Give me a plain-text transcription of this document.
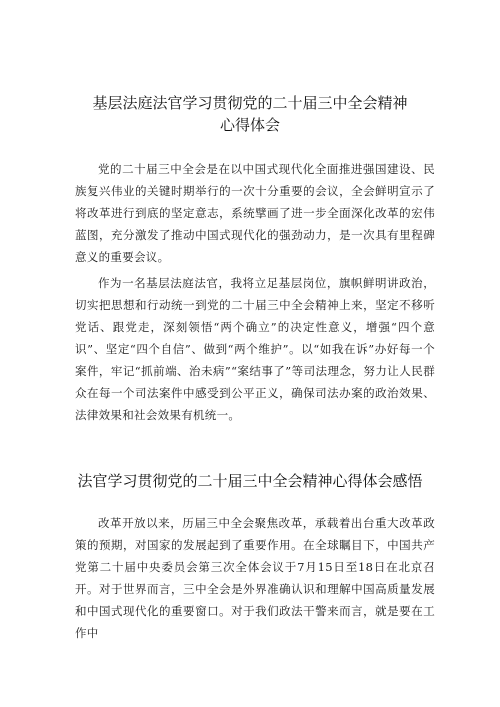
基层法庭法官学习贯彻党的二十届三中全会精神心得体会

党的二十届三中全会是在以中国式现代化全面推进强国建设、民族复兴伟业的关键时期举行的一次十分重要的会议，全会鲜明宣示了将改革进行到底的坚定意志，系统擘画了进一步全面深化改革的宏伟蓝图，充分激发了推动中国式现代化的强劲动力，是一次具有里程碑意义的重要会议。

作为一名基层法庭法官，我将立足基层岗位，旗帜鲜明讲政治，切实把思想和行动统一到党的二十届三中全会精神上来，坚定不移听党话、跟党走，深刻领悟“两个确立”的决定性意义，增强“四个意识”、坚定“四个自信”、做到“两个维护”。以“如我在诉”办好每一个案件，牢记“抓前端、治未病”“案结事了”等司法理念，努力让人民群众在每一个司法案件中感受到公平正义，确保司法办案的政治效果、法律效果和社会效果有机统一。

法官学习贯彻党的二十届三中全会精神心得体会感悟

改革开放以来，历届三中全会聚焦改革，承载着出台重大改革政策的预期，对国家的发展起到了重要作用。在全球瞩目下，中国共产党第二十届中央委员会第三次全体会议于7月15日至18日在北京召开。对于世界而言，三中全会是外界准确认识和理解中国高质量发展和中国式现代化的重要窗口。对于我们政法干警来而言，就是要在工作中
